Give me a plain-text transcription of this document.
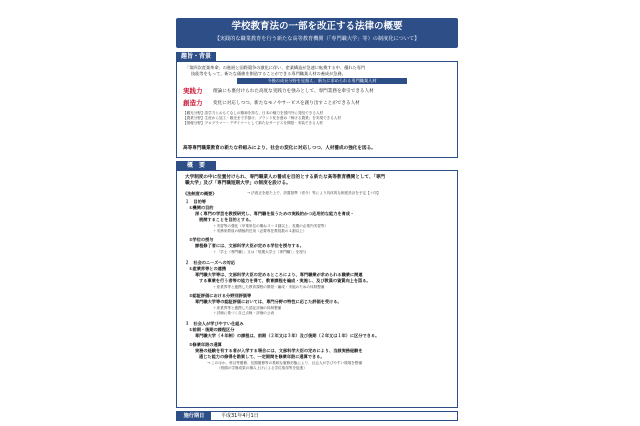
学校教育法の一部を改正する法律の概要
【実践的な職業教育を行う新たな高等教育機関（「専門職大学」等）の制度化について】
趣旨・背景
「第四次産業革命」の進展と国際競争の激化に伴い、産業構造が急速に転換する中、優れた専門
技能等をもって、新たな価値を創造することができる専門職業人材の養成が急務。
今後の成長分野を見据え、新たに求められる専門職業人材
実践力 理論にも裏付けられた高度な実践力を強みとして、専門業務を牽引できる人材
創造力 変化に対応しつつ、新たなモノやサービスを創り出すことができる人材
【観光分野】語学力とおもてなしの精神を持ち、日本の魅力を国内外に発信できる人材
【農業分野】生産から加工・販売まで手掛け、ブランド化を進め「稼げる農業」を実現できる人材
【情報分野】プログラマー・デザイナーとして新たなサービスを開発・実装できる人材
高等専門職業教育の新たな枠組みにより、社会の変化に対応しつつ、人材養成の強化を図る。
概　要
大学制度の中に位置付けられ、専門職業人の養成を目的とする新たな高等教育機関として、「専門
職大学」及び「専門職短期大学」の制度を設ける。
《法制度の概要》	→ 法改正を経た上で、設置基準（省令）等により具体的な制度設計を予定【＋印】
１　目的等
①機関の目的
深く専門の学芸を教授研究し、専門職を担うための実践的かつ応用的な能力を育成・
展開することを目的とする。
＋実習等の強化（卒業単位の概ね３～４割以上、長期の企業内実習等）
＋実務家教員の積極的任用（必要専任教員数の４割以上）
②学位の授与
課程修了者には、文部科学大臣が定める学位を授与する。
＋「学士（専門職）」又は「短期大学士（専門職）」を授与
２　社会のニーズへの対応
①産業界等との連携
専門職大学等は、文部科学大臣の定めるところにより、専門職業が求められる職業に関連
する事業を行う者等の協力を得て、教育課程を編成・実施し、及び教員の資質向上を図る。
＋産業界等と連携した教育課程の開発・編成・実施のための体制整備
②認証評価における分野別評価等
専門職大学等の認証評価においては、専門分野の特性に応じた評価を受ける。
＋産業界等と連携した認証評価の体制整備
＋評価に基づく自己点検・評価の公表
３　社会人が学びやすい仕組み
①前期・後期の課程区分
専門職大学（４年制）の課程は、前期（２年又は３年）及び後期（２年又は１年）に区分できる。
②修業年限の通算
実務の経験を有する者が入学する場合には、文部科学大臣の定めにより、当該実務経験を
通じた能力の修得を勘案して、一定期間を修業年限に通算できる。
→ このほか、科目等履修、長期履修等の柔軟な履修形態により、社会人が学びやすい環境を整備
（短期の学修成果の積み上げによる学位取得等を促進）
施行期日	平成31年4月1日
